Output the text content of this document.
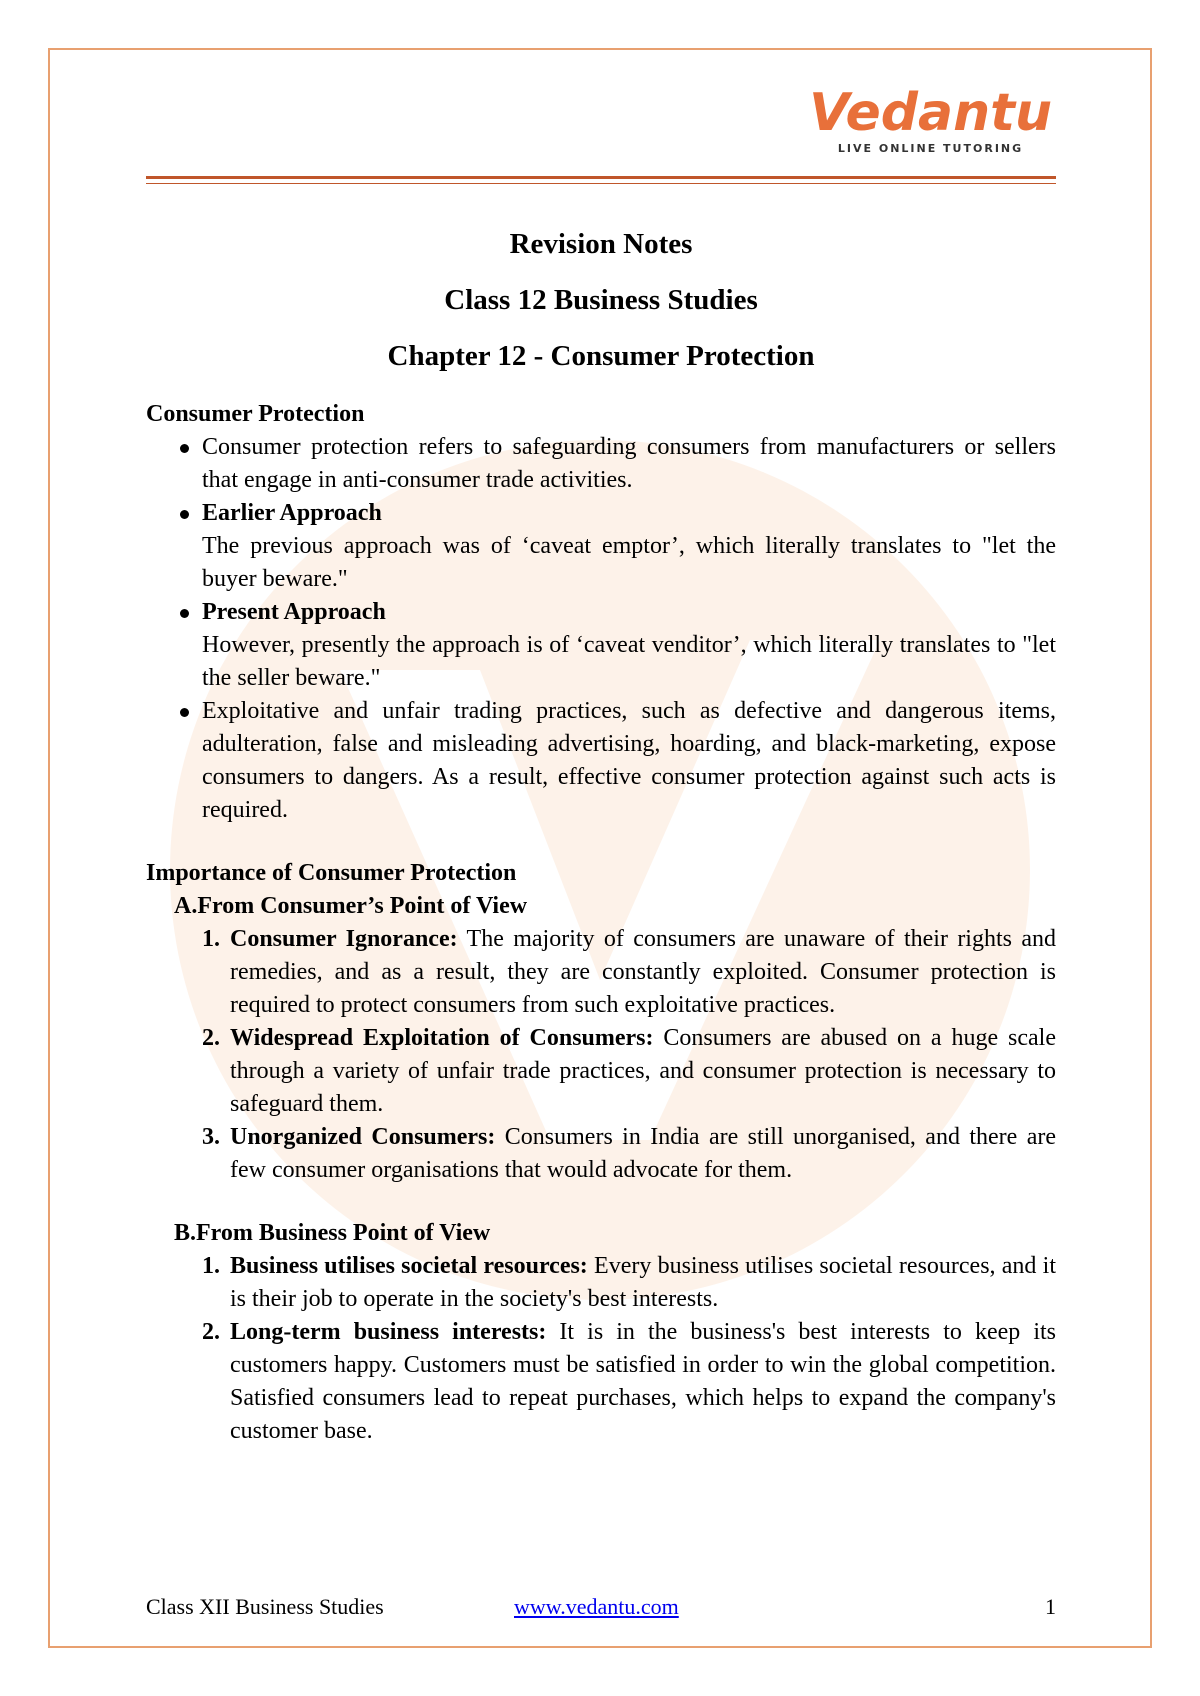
Vedantu
LIVE ONLINE TUTORING
Revision Notes
Class 12 Business Studies
Chapter 12 - Consumer Protection
Consumer Protection
Consumer protection refers to safeguarding consumers from manufacturers or sellers that engage in anti-consumer trade activities.
Earlier Approach
The previous approach was of ‘caveat emptor’, which literally translates to "let the buyer beware."
Present Approach
However, presently the approach is of ‘caveat venditor’, which literally translates to "let the seller beware."
Exploitative and unfair trading practices, such as defective and dangerous items, adulteration, false and misleading advertising, hoarding, and black-marketing, expose consumers to dangers. As a result, effective consumer protection against such acts is required.
Importance of Consumer Protection
A.From Consumer’s Point of View
1. Consumer Ignorance: The majority of consumers are unaware of their rights and remedies, and as a result, they are constantly exploited. Consumer protection is required to protect consumers from such exploitative practices.
2. Widespread Exploitation of Consumers: Consumers are abused on a huge scale through a variety of unfair trade practices, and consumer protection is necessary to safeguard them.
3. Unorganized Consumers: Consumers in India are still unorganised, and there are few consumer organisations that would advocate for them.
B.From Business Point of View
1. Business utilises societal resources: Every business utilises societal resources, and it is their job to operate in the society's best interests.
2. Long-term business interests: It is in the business's best interests to keep its customers happy. Customers must be satisfied in order to win the global competition. Satisfied consumers lead to repeat purchases, which helps to expand the company's customer base.
Class XII Business Studies	www.vedantu.com	1
